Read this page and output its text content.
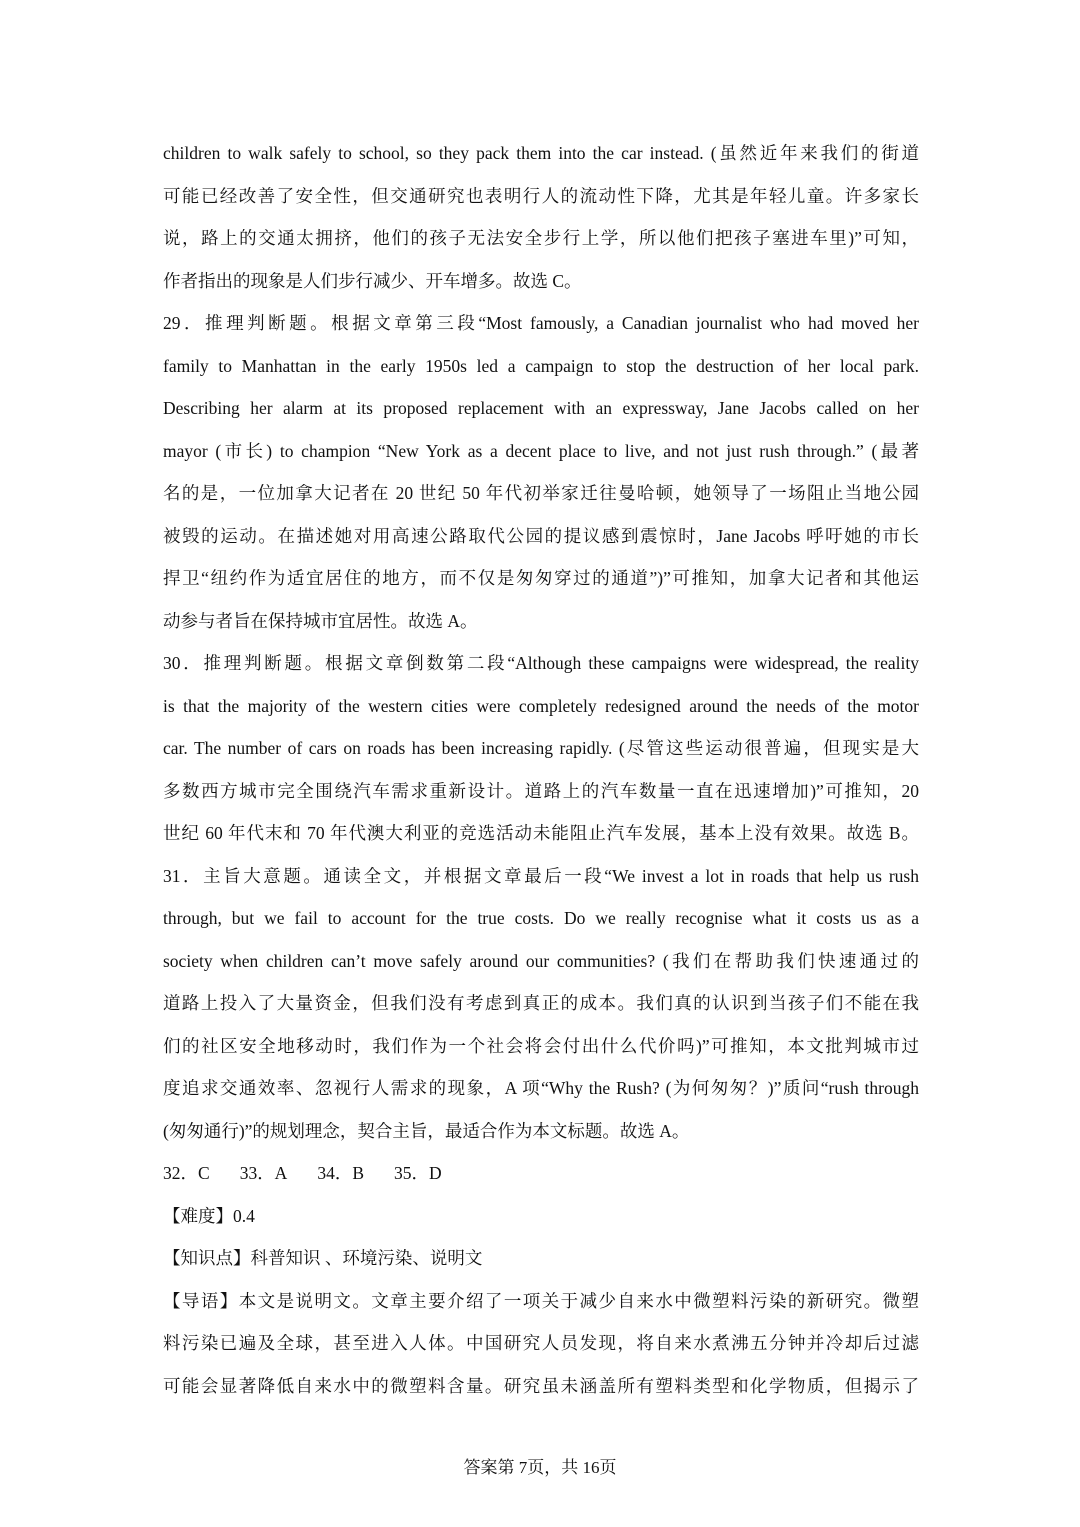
children to walk safely to school, so they pack them into the car instead. (虽然近年来我们的街道
可能已经改善了安全性，但交通研究也表明行人的流动性下降，尤其是年轻儿童。许多家长
说，路上的交通太拥挤，他们的孩子无法安全步行上学，所以他们把孩子塞进车里)”可知，
作者指出的现象是人们步行减少、开车增多。故选 C。
29．推理判断题。根据文章第三段“Most famously, a Canadian journalist who had moved her
family to Manhattan in the early 1950s led a campaign to stop the destruction of her local park.
Describing her alarm at its proposed replacement with an expressway, Jane Jacobs called on her
mayor (市长) to champion “New York as a decent place to live, and not just rush through.” (最著
名的是，一位加拿大记者在 20 世纪 50 年代初举家迁往曼哈顿，她领导了一场阻止当地公园
被毁的运动。在描述她对用高速公路取代公园的提议感到震惊时，Jane Jacobs 呼吁她的市长
捍卫“纽约作为适宜居住的地方，而不仅是匆匆穿过的通道”)”可推知，加拿大记者和其他运
动参与者旨在保持城市宜居性。故选 A。
30．推理判断题。根据文章倒数第二段“Although these campaigns were widespread, the reality
is that the majority of the western cities were completely redesigned around the needs of the motor
car. The number of cars on roads has been increasing rapidly. (尽管这些运动很普遍，但现实是大
多数西方城市完全围绕汽车需求重新设计。道路上的汽车数量一直在迅速增加)”可推知，20
世纪 60 年代末和 70 年代澳大利亚的竞选活动未能阻止汽车发展，基本上没有效果。故选 B。
31．主旨大意题。通读全文，并根据文章最后一段“We invest a lot in roads that help us rush
through, but we fail to account for the true costs. Do we really recognise what it costs us as a
society when children can’t move safely around our communities? (我们在帮助我们快速通过的
道路上投入了大量资金，但我们没有考虑到真正的成本。我们真的认识到当孩子们不能在我
们的社区安全地移动时，我们作为一个社会将会付出什么代价吗)”可推知，本文批判城市过
度追求交通效率、忽视行人需求的现象，A 项“Why the Rush? (为何匆匆？)”质问“rush through
(匆匆通行)”的规划理念，契合主旨，最适合作为本文标题。故选 A。
32．C 33．A 34．B 35．D
【难度】0.4
【知识点】科普知识 、环境污染、说明文
【导语】本文是说明文。文章主要介绍了一项关于减少自来水中微塑料污染的新研究。微塑
料污染已遍及全球，甚至进入人体。中国研究人员发现，将自来水煮沸五分钟并冷却后过滤
可能会显著降低自来水中的微塑料含量。研究虽未涵盖所有塑料类型和化学物质，但揭示了
答案第 7页，共 16页
